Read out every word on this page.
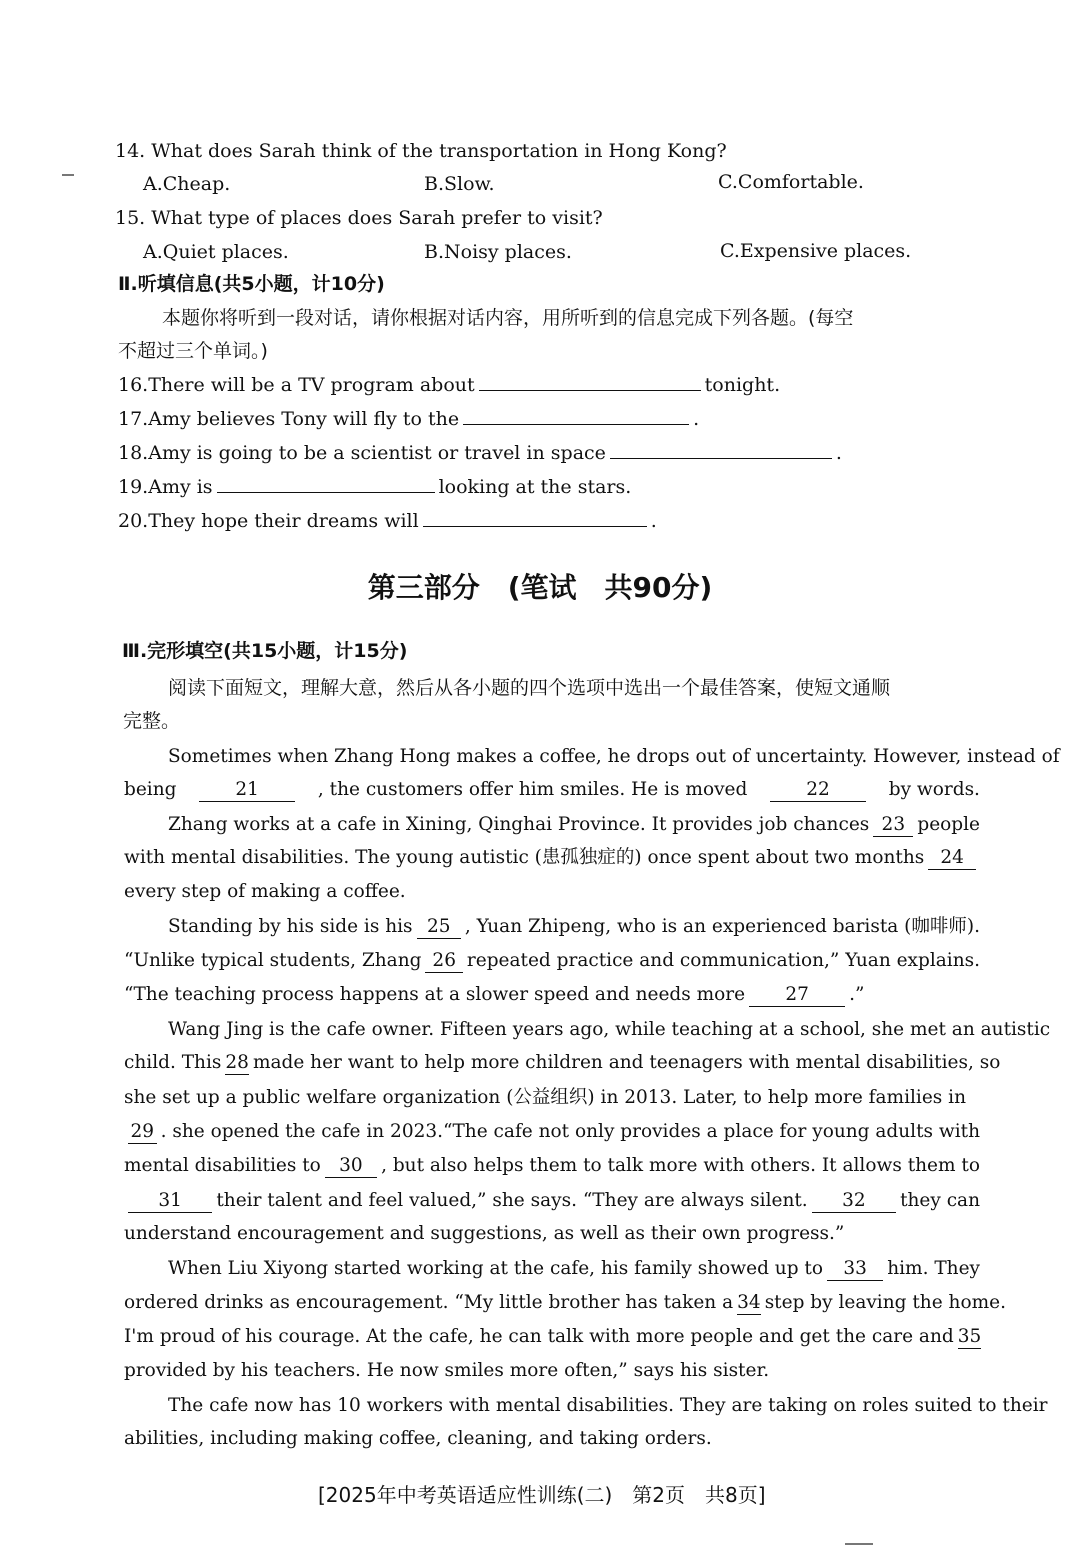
14. What does Sarah think of the transportation in Hong Kong?
A.Cheap.	B.Slow.	C.Comfortable.
15. What type of places does Sarah prefer to visit?
A.Quiet places.	B.Noisy places.	C.Expensive places.
Ⅱ.听填信息(共5小题，计10分)
本题你将听到一段对话，请你根据对话内容，用所听到的信息完成下列各题。(每空
不超过三个单词。)
16.There will be a TV program about	tonight.
17.Amy believes Tony will fly to the	.
18.Amy is going to be a scientist or travel in space	.
19.Amy is	looking at the stars.
20.They hope their dreams will	.
第三部分　(笔试　共90分)
Ⅲ.完形填空(共15小题，计15分)
阅读下面短文，理解大意，然后从各小题的四个选项中选出一个最佳答案，使短文通顺
完整。
Sometimes when Zhang Hong makes a coffee, he drops out of uncertainty. However, instead of
being	21	, the customers offer him smiles. He is moved	22	by words.
Zhang works at a cafe in Xining, Qinghai Province. It provides job chances 23 people
with mental disabilities. The young autistic (患孤独症的) once spent about two months 24
every step of making a coffee.
Standing by his side is his 25 , Yuan Zhipeng, who is an experienced barista (咖啡师).
“Unlike typical students, Zhang 26 repeated practice and communication,” Yuan explains.
“The teaching process happens at a slower speed and needs more 27 .”
Wang Jing is the cafe owner. Fifteen years ago, while teaching at a school, she met an autistic
child. This 28 made her want to help more children and teenagers with mental disabilities, so
she set up a public welfare organization (公益组织) in 2013. Later, to help more families in
29 . she opened the cafe in 2023.“The cafe not only provides a place for young adults with
mental disabilities to 30 , but also helps them to talk more with others. It allows them to
31	their talent and feel valued,” she says. “They are always silent.	32	they can
understand encouragement and suggestions, as well as their own progress.”
When Liu Xiyong started working at the cafe, his family showed up to	33	him. They
ordered drinks as encouragement. “My little brother has taken a 34 step by leaving the home.
I'm proud of his courage. At the cafe, he can talk with more people and get the care and 35
provided by his teachers. He now smiles more often,” says his sister.
The cafe now has 10 workers with mental disabilities. They are taking on roles suited to their
abilities, including making coffee, cleaning, and taking orders.
[2025年中考英语适应性训练(二)　第2页　共8页]
